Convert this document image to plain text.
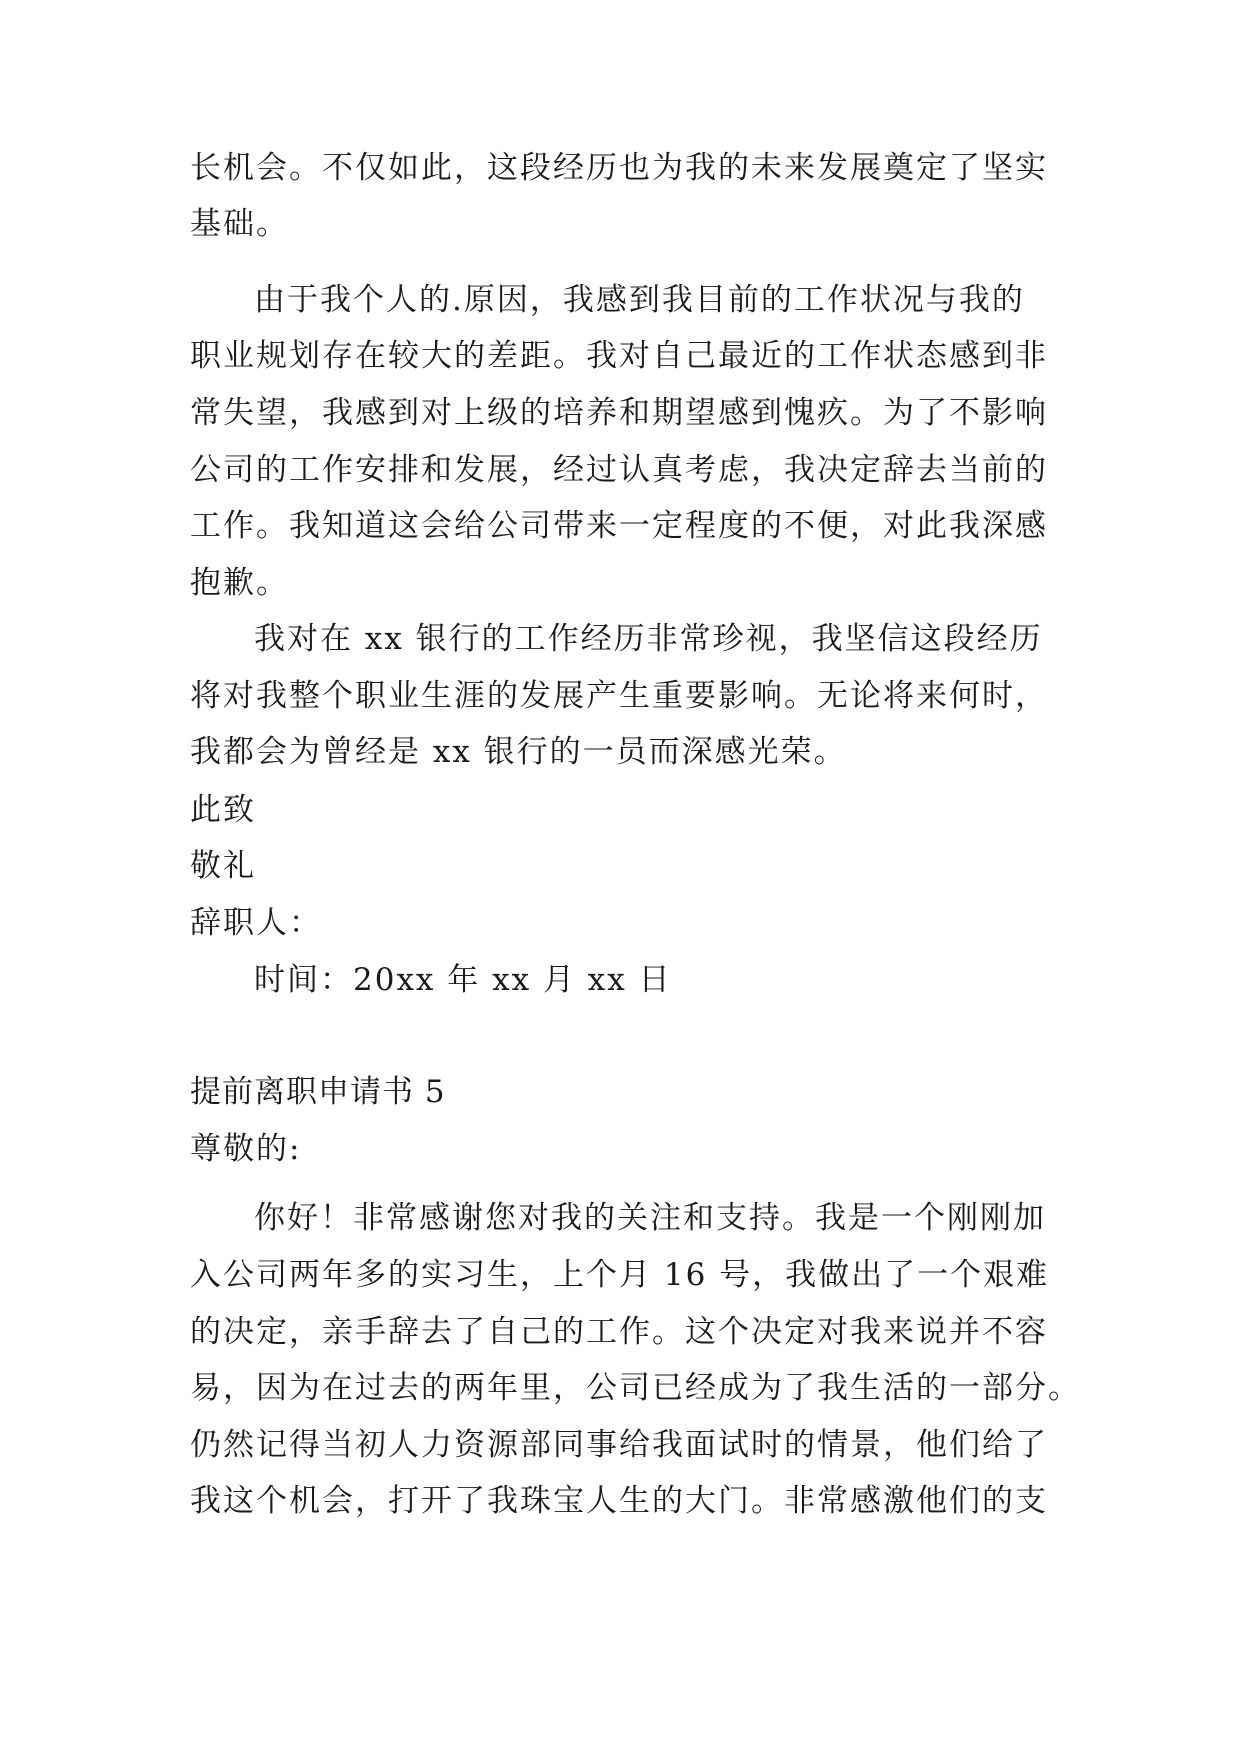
长机会。不仅如此，这段经历也为我的未来发展奠定了坚实
基础。
由于我个人的.原因，我感到我目前的工作状况与我的
职业规划存在较大的差距。我对自己最近的工作状态感到非
常失望，我感到对上级的培养和期望感到愧疚。为了不影响
公司的工作安排和发展，经过认真考虑，我决定辞去当前的
工作。我知道这会给公司带来一定程度的不便，对此我深感
抱歉。
我对在 xx 银行的工作经历非常珍视，我坚信这段经历
将对我整个职业生涯的发展产生重要影响。无论将来何时，
我都会为曾经是 xx 银行的一员而深感光荣。
此致
敬礼
辞职人：
时间：20xx 年 xx 月 xx 日
提前离职申请书 5
尊敬的:
你好！非常感谢您对我的关注和支持。我是一个刚刚加
入公司两年多的实习生，上个月 16 号，我做出了一个艰难
的决定，亲手辞去了自己的工作。这个决定对我来说并不容
易，因为在过去的两年里，公司已经成为了我生活的一部分。
仍然记得当初人力资源部同事给我面试时的情景，他们给了
我这个机会，打开了我珠宝人生的大门。非常感激他们的支
